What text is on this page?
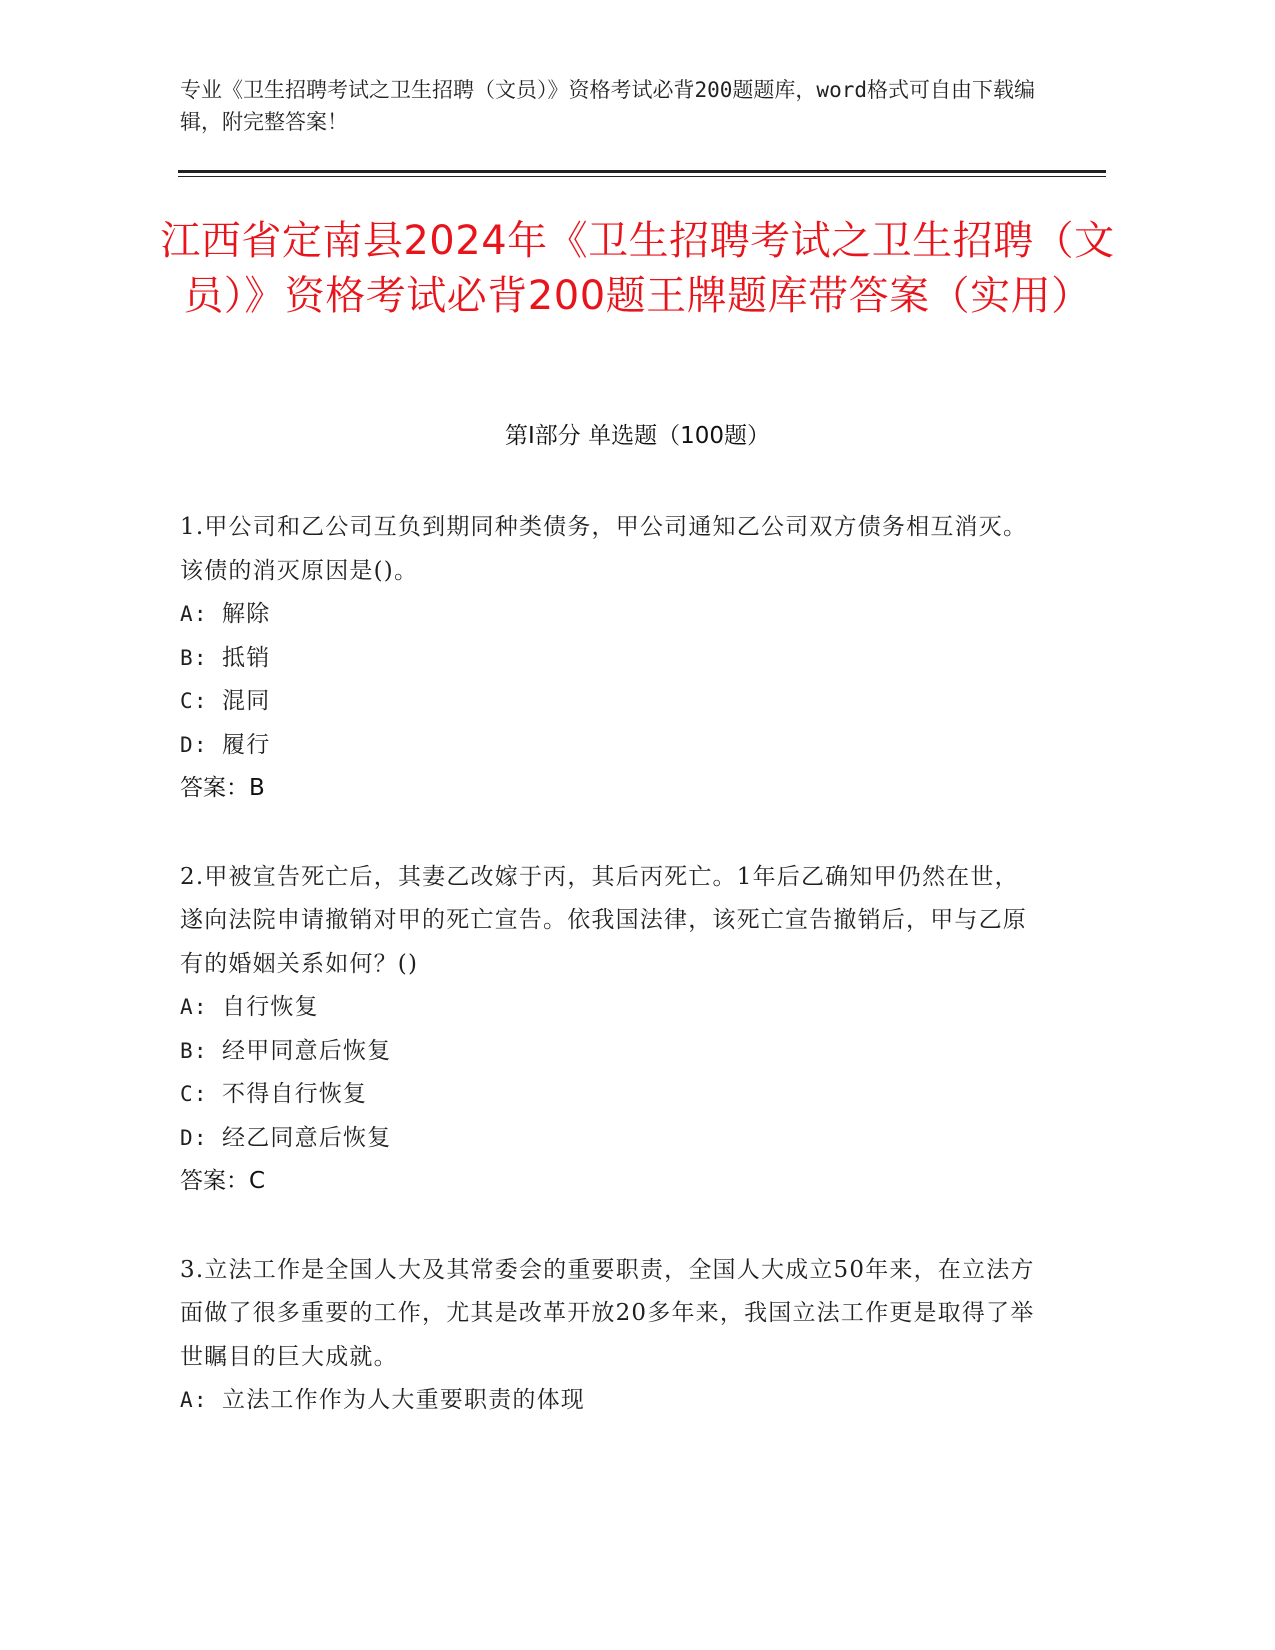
专业《卫生招聘考试之卫生招聘（文员）》资格考试必背200题题库，word格式可自由下载编辑，附完整答案！
江西省定南县2024年《卫生招聘考试之卫生招聘（文员）》资格考试必背200题王牌题库带答案（实用）
第Ⅰ部分 单选题（100题）
1.甲公司和乙公司互负到期同种类债务，甲公司通知乙公司双方债务相互消灭。该债的消灭原因是()。
A: 解除
B: 抵销
C: 混同
D: 履行
答案：B
2.甲被宣告死亡后，其妻乙改嫁于丙，其后丙死亡。1年后乙确知甲仍然在世，遂向法院申请撤销对甲的死亡宣告。依我国法律，该死亡宣告撤销后，甲与乙原有的婚姻关系如何？()
A: 自行恢复
B: 经甲同意后恢复
C: 不得自行恢复
D: 经乙同意后恢复
答案：C
3.立法工作是全国人大及其常委会的重要职责，全国人大成立50年来，在立法方面做了很多重要的工作，尤其是改革开放20多年来，我国立法工作更是取得了举世瞩目的巨大成就。
A: 立法工作作为人大重要职责的体现
